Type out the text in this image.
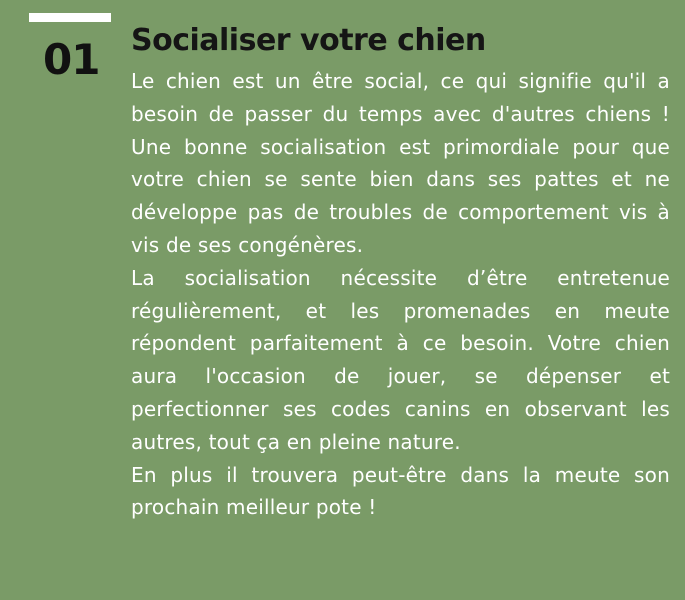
01 Socialiser votre chien

Le chien est un être social, ce qui signifie qu'il a besoin de passer du temps avec d'autres chiens ! Une bonne socialisation est primordiale pour que votre chien se sente bien dans ses pattes et ne développe pas de troubles de comportement vis à vis de ses congénères.

La socialisation nécessite d’être entretenue régulièrement, et les promenades en meute répondent parfaitement à ce besoin. Votre chien aura l'occasion de jouer, se dépenser et perfectionner ses codes canins en observant les autres, tout ça en pleine nature.

En plus il trouvera peut-être dans la meute son prochain meilleur pote !
